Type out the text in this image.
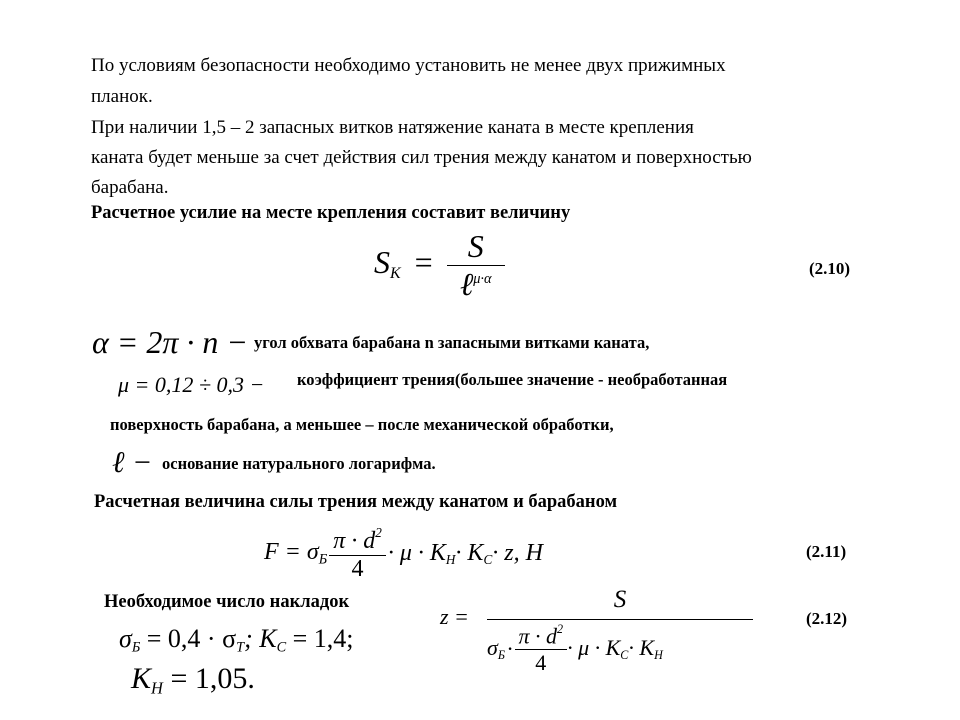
По условиям безопасности необходимо установить не менее двух прижимных
планок.
При наличии 1,5 – 2 запасных витков натяжение каната в месте крепления
каната будет меньше за счет действия сил трения между канатом и поверхностью
барабана.
Расчетное усилие на месте крепления составит величину
$S_K = \frac{S}{\ell^{\mu\cdot\alpha}}$	(2.10)
α = 2π · n − угол обхвата барабана n запасными витками каната,
μ = 0,12 ÷ 0,3 − коэффициент трения(большее значение - необработанная
поверхность барабана, а меньшее – после механической обработки,
ℓ − основание натурального логарифма.
Расчетная величина силы трения между канатом и барабаном
$F = \sigma_Б \frac{\pi \cdot d^2}{4} \cdot \mu \cdot K_H\cdot K_C\cdot z$, H	(2.11)
Необходимое число накладок
$\sigma_Б = 0,4 \cdot \sigma_T$; $K_C = 1,4$;
$K_H = 1,05$.
z =
S
$\sigma_Б \cdot \frac{\pi \cdot d^2}{4} \cdot \mu \cdot K_C\cdot K_H$
(2.12)
